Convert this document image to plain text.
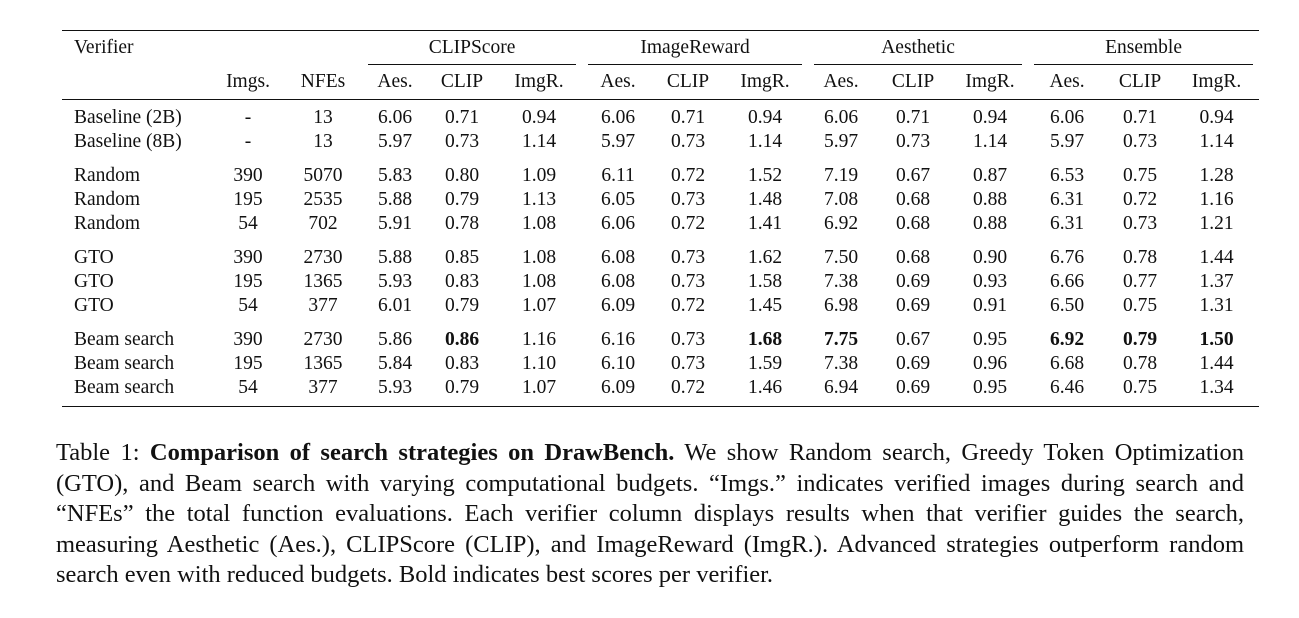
Verifier			CLIPScore			ImageReward			Aesthetic			Ensemble		

	Imgs.	NFEs	Aes.	CLIP	ImgR.	Aes.	CLIP	ImgR.	Aes.	CLIP	ImgR.	Aes.	CLIP	ImgR.
Baseline (2B)	-	13	6.06	0.71	0.94	6.06	0.71	0.94	6.06	0.71	0.94	6.06	0.71	0.94
Baseline (8B)	-	13	5.97	0.73	1.14	5.97	0.73	1.14	5.97	0.73	1.14	5.97	0.73	1.14
Random	390	5070	5.83	0.80	1.09	6.11	0.72	1.52	7.19	0.67	0.87	6.53	0.75	1.28
Random	195	2535	5.88	0.79	1.13	6.05	0.73	1.48	7.08	0.68	0.88	6.31	0.72	1.16
Random	54	702	5.91	0.78	1.08	6.06	0.72	1.41	6.92	0.68	0.88	6.31	0.73	1.21
GTO	390	2730	5.88	0.85	1.08	6.08	0.73	1.62	7.50	0.68	0.90	6.76	0.78	1.44
GTO	195	1365	5.93	0.83	1.08	6.08	0.73	1.58	7.38	0.69	0.93	6.66	0.77	1.37
GTO	54	377	6.01	0.79	1.07	6.09	0.72	1.45	6.98	0.69	0.91	6.50	0.75	1.31
Beam search	390	2730	5.86	0.86	1.16	6.16	0.73	1.68	7.75	0.67	0.95	6.92	0.79	1.50
Beam search	195	1365	5.84	0.83	1.10	6.10	0.73	1.59	7.38	0.69	0.96	6.68	0.78	1.44
Beam search	54	377	5.93	0.79	1.07	6.09	0.72	1.46	6.94	0.69	0.95	6.46	0.75	1.34
Table 1: Comparison of search strategies on DrawBench. We show Random search, Greedy Token Optimization (GTO), and Beam search with varying computational budgets. “Imgs.” indicates verified images during search and “NFEs” the total function evaluations. Each verifier column displays results when that verifier guides the search, measuring Aesthetic (Aes.), CLIPScore (CLIP), and ImageReward (ImgR.). Advanced strategies outperform random search even with reduced budgets. Bold indicates best scores per verifier.
